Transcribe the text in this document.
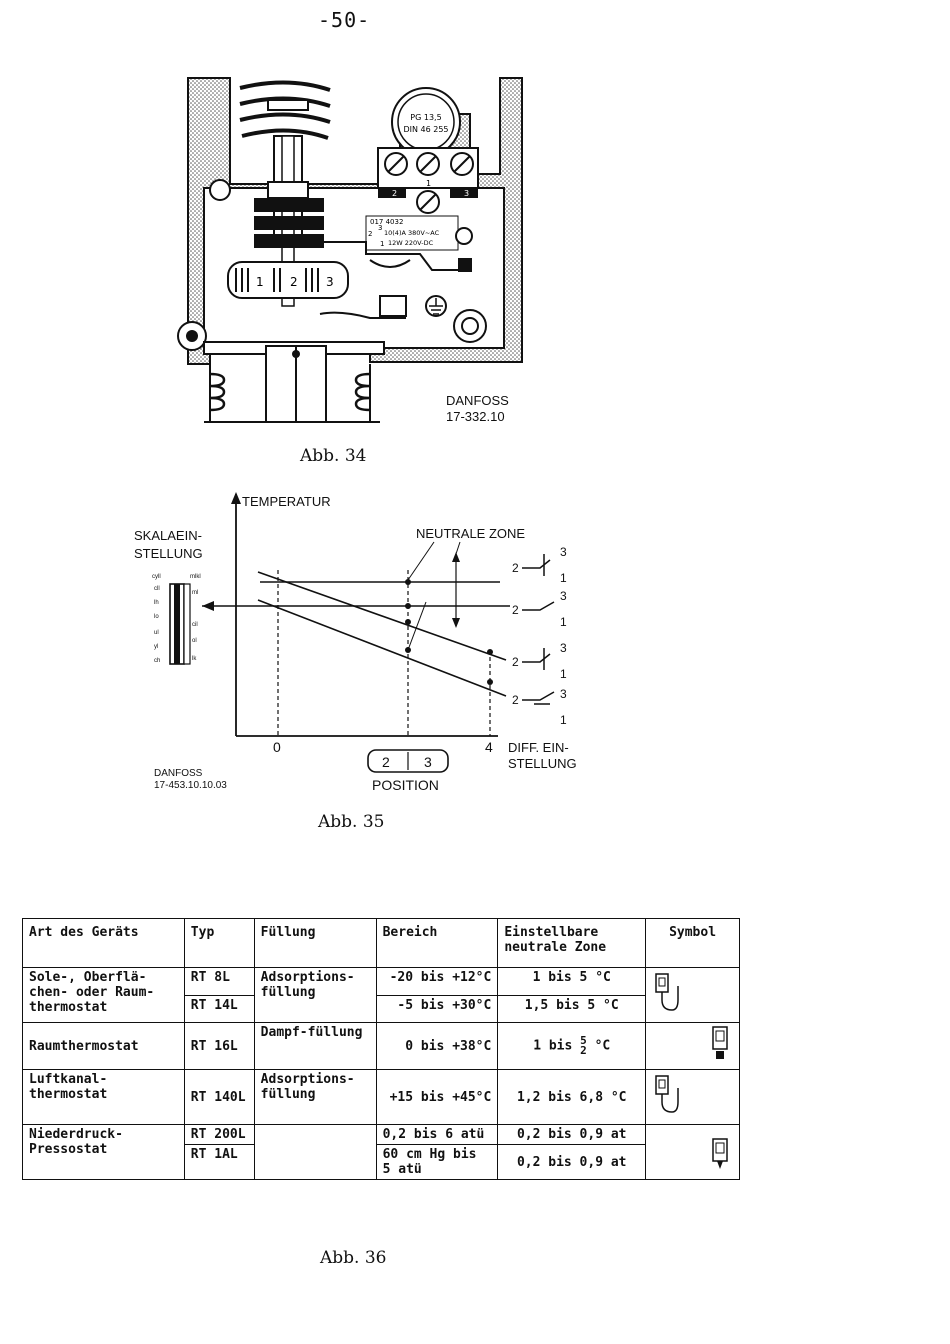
-50-
1 2 3
PG 13,5
DIN 46 255
2
1
3
017 4032
10(4)A 380V~AC
12W 220V-DC
2
3
1
DANFOSS
17-332.10
Abb. 34
TEMPERATUR
SKALAEIN-
STELLUNG
NEUTRALE ZONE
0	4 DIFF. EIN-
STELLUNG
2 3
POSITION
DANFOSS
17-453.10.10.03
2
3
1
2
3
1
2
3
1
2	3
1
cyll	mlkl
cll
lh
lo
ul
yl
ch
ml
cil
ol
lk
Abb. 35
Art des Geräts	Typ	Füllung	Bereich	Einstellbare neutrale Zone	Symbol
Sole-, Oberflä-chen- oder Raum-thermostat	RT 8L	Adsorptions-füllung	-20 bis +12°C	1 bis 5 °C	
	RT 14L		-5 bis +30°C	1,5 bis 5 °C	
Raumthermostat	RT 16L	Dampf-füllung	0 bis +38°C	1 bis 5
2 °C	
Luftkanal-thermostat	RT 140L	Adsorptions-füllung	+15 bis +45°C	1,2 bis 6,8 °C	
Niederdruck-Pressostat	RT 200L		0,2 bis 6 atü	0,2 bis 0,9 at	
	RT 1AL		60 cm Hg bis 5 atü	0,2 bis 0,9 at	
Abb. 36
